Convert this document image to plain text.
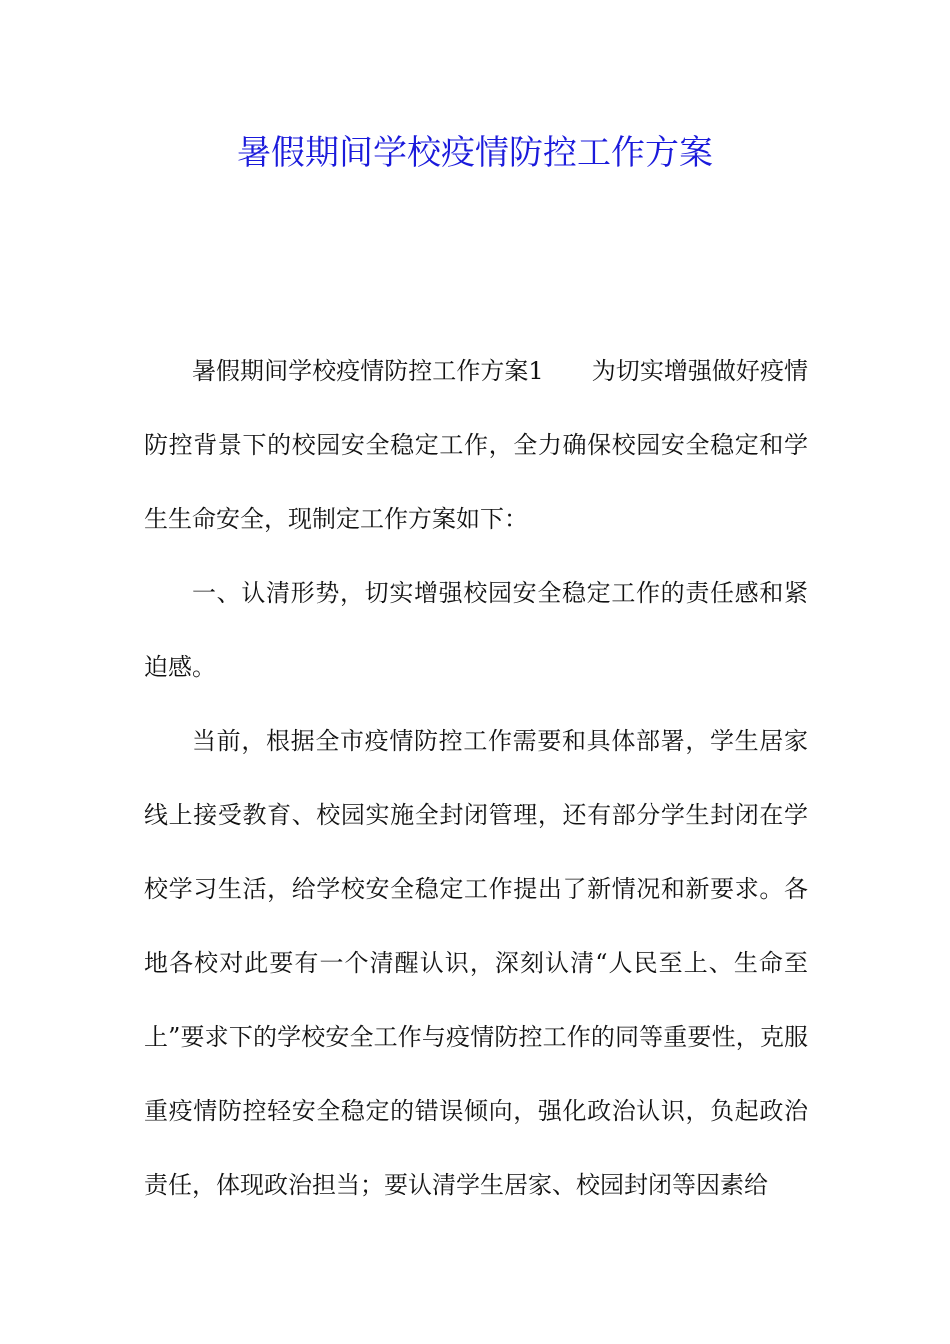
暑假期间学校疫情防控工作方案

暑假期间学校疫情防控工作方案1　　为切实增强做好疫情防控背景下的校园安全稳定工作，全力确保校园安全稳定和学生生命安全，现制定工作方案如下：

一、认清形势，切实增强校园安全稳定工作的责任感和紧迫感。

当前，根据全市疫情防控工作需要和具体部署，学生居家线上接受教育、校园实施全封闭管理，还有部分学生封闭在学校学习生活，给学校安全稳定工作提出了新情况和新要求。各地各校对此要有一个清醒认识，深刻认清“人民至上、生命至上”要求下的学校安全工作与疫情防控工作的同等重要性，克服重疫情防控轻安全稳定的错误倾向，强化政治认识，负起政治责任，体现政治担当；要认清学生居家、校园封闭等因素给
